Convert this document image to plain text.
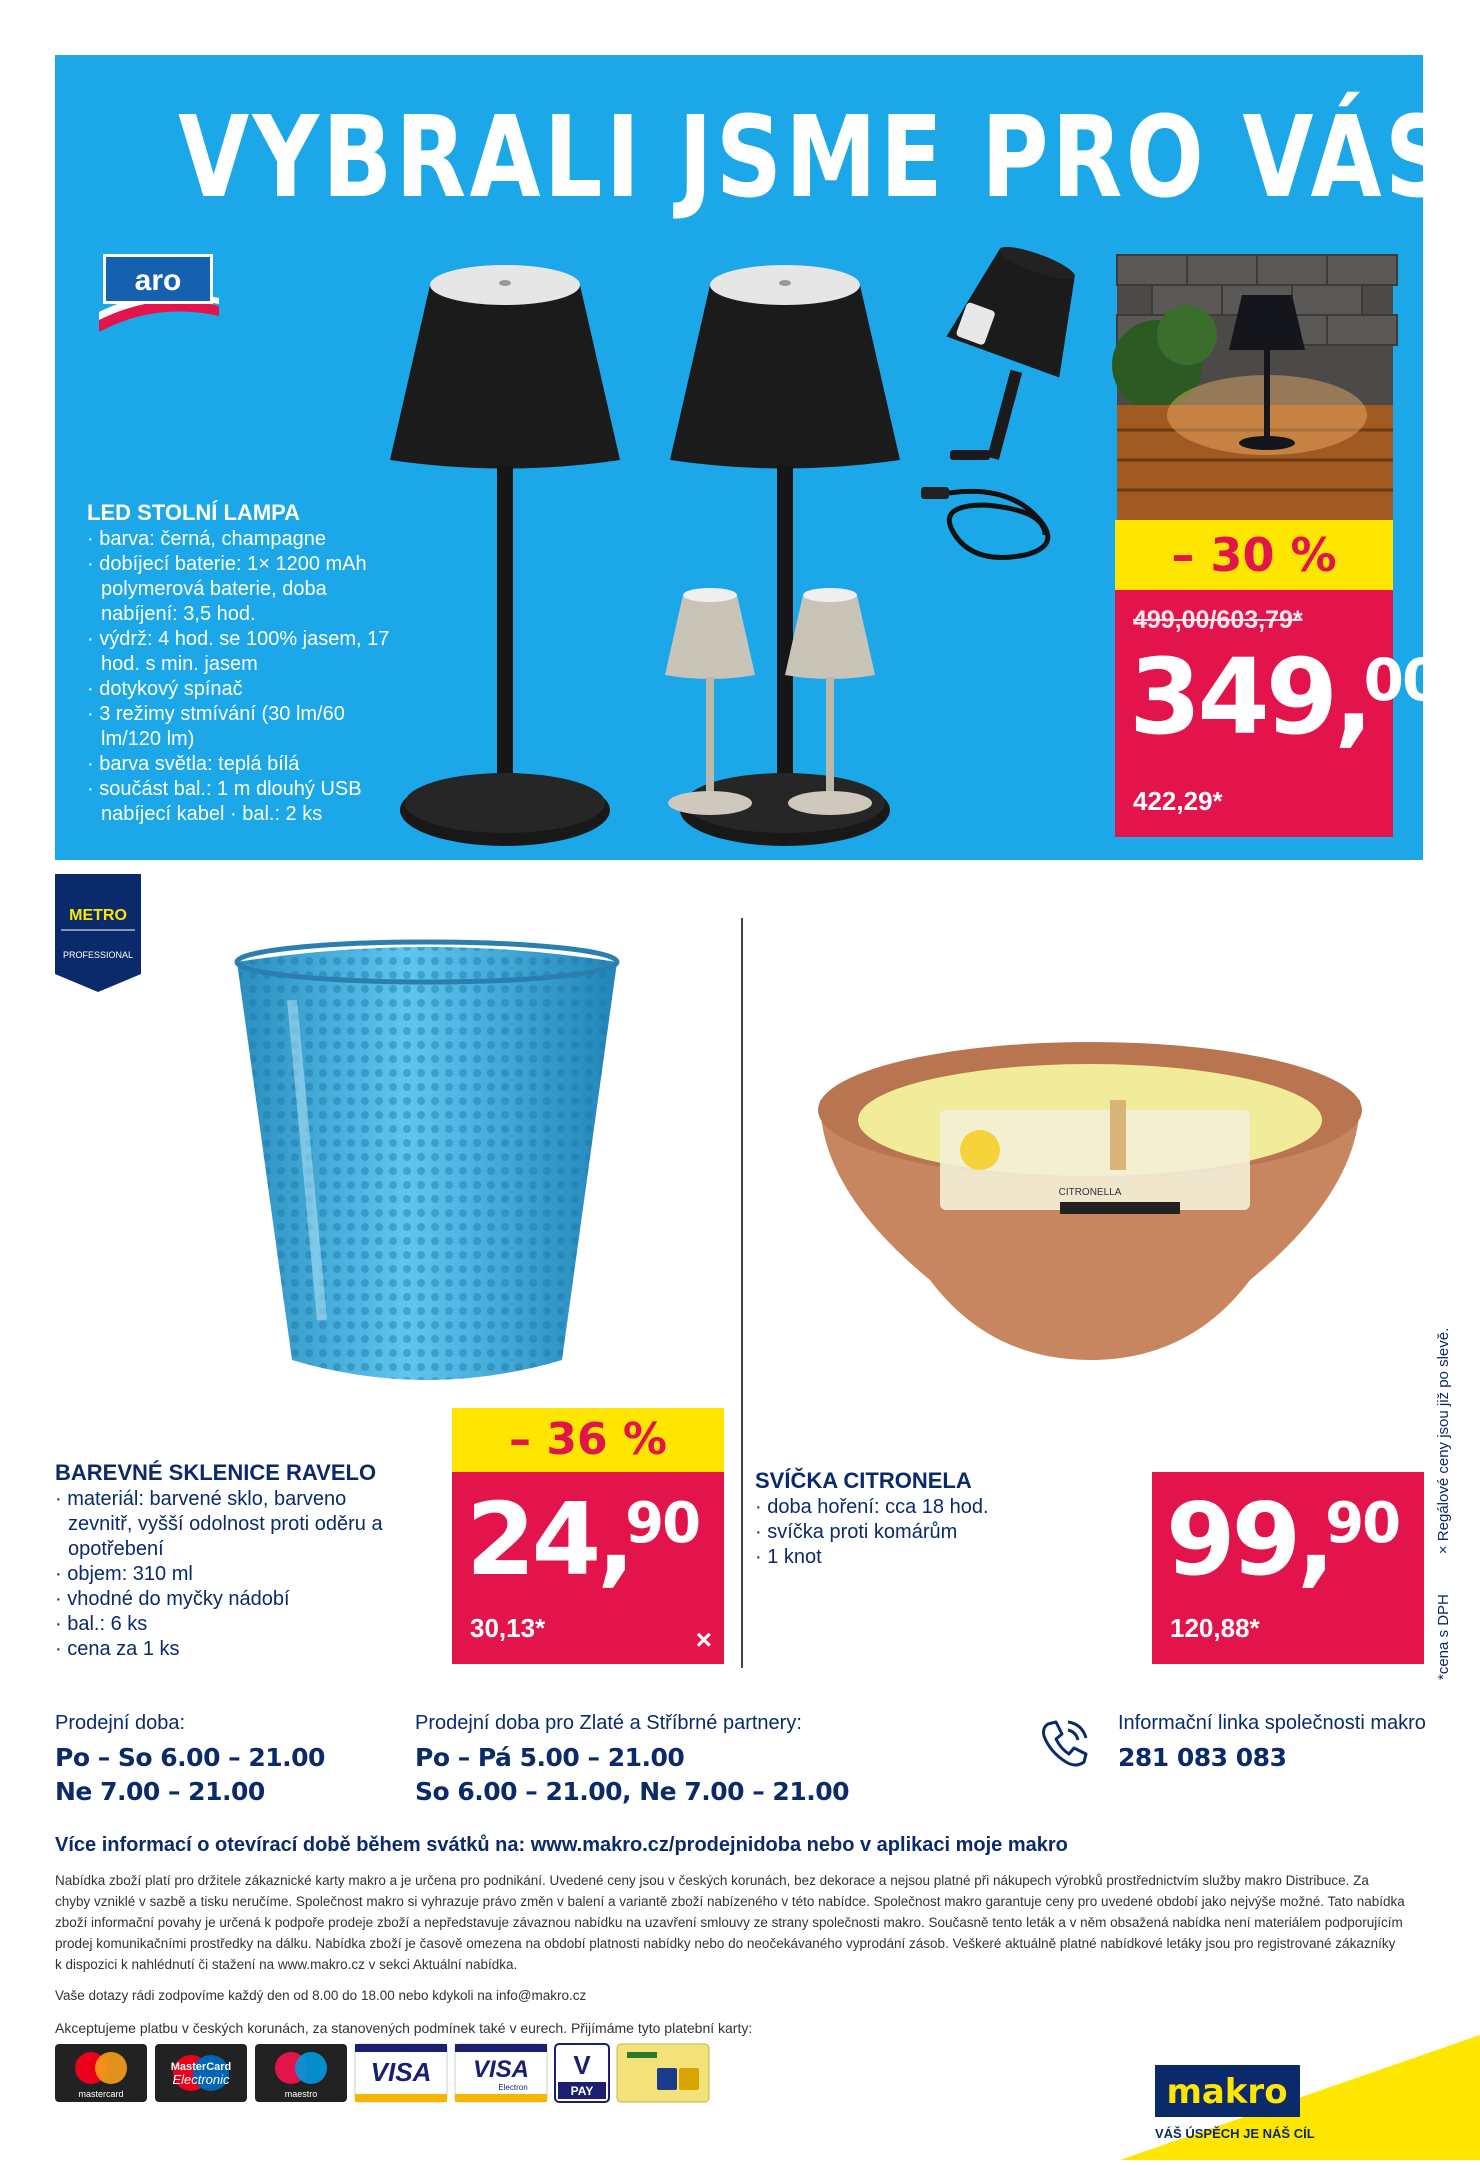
VYBRALI JSME PRO VÁS
aro
LED STOLNÍ LAMPA
· barva: černá, champagne
· dobíjecí baterie: 1× 1200 mAh polymerová baterie, doba nabíjení: 3,5 hod.
· výdrž: 4 hod. se 100% jasem, 17 hod. s min. jasem
· dotykový spínač
· 3 režimy stmívání (30 lm/60 lm/120 lm)
· barva světla: teplá bílá
· součást bal.: 1 m dlouhý USB nabíjecí kabel · bal.: 2 ks
– 30 %
499,00/603,79*
349,00
422,29*
METRO
PROFESSIONAL
CITRONELLA
BAREVNÉ SKLENICE RAVELO
· materiál: barvené sklo, barveno zevnitř, vyšší odolnost proti oděru a opotřebení
· objem: 310 ml
· vhodné do myčky nádobí
· bal.: 6 ks
· cena za 1 ks
– 36 %
24,90
30,13*	×
SVÍČKA CITRONELA
· doba hoření: cca 18 hod.
· svíčka proti komárům
· 1 knot	99,90
120,88*	*cena s DPH× Regálové ceny jsou již po slevě.
Prodejní doba:
Po – So 6.00 – 21.00
Ne 7.00 – 21.00
Prodejní doba pro Zlaté a Stříbrné partnery:
Po – Pá 5.00 – 21.00
So 6.00 – 21.00, Ne 7.00 – 21.00
Informační linka společnosti makro
281 083 083
Více informací o otevírací době během svátků na: www.makro.cz/prodejnidoba nebo v aplikaci moje makro
Nabídka zboží platí pro držitele zákaznické karty makro a je určena pro podnikání. Uvedené ceny jsou v českých korunách, bez dekorace a nejsou platné při nákupech výrobků prostřednictvím služby makro Distribuce. Za chyby vzniklé v sazbě a tisku neručíme. Společnost makro si vyhrazuje právo změn v balení a variantě zboží nabízeného v této nabídce. Společnost makro garantuje ceny pro uvedené období jako nejvýše možné. Tato nabídka zboží informační povahy je určená k podpoře prodeje zboží a nepředstavuje závaznou nabídku na uzavření smlouvy ze strany společnosti makro. Současně tento leták a v něm obsažená nabídka není materiálem podporujícím prodej komunikačními prostředky na dálku. Nabídka zboží je časově omezena na období platnosti nabídky nebo do neočekávaného vyprodání zásob. Veškeré aktuálně platné nabídkové letáky jsou pro registrované zákazníky k dispozici k nahlédnutí či stažení na www.makro.cz v sekci Aktuální nabídka.
Vaše dotazy rádi zodpovíme každý den od 8.00 do 18.00 nebo kdykoli na info@makro.cz
Akceptujeme platbu v českých korunách, za stanovených podmínek také v eurech. Přijímáme tyto platební karty:
mastercard
MasterCard
Electronic
maestro
VISA VISA
Electron
V
PAY	makro
VÁŠ ÚSPĚCH JE NÁŠ CÍL
